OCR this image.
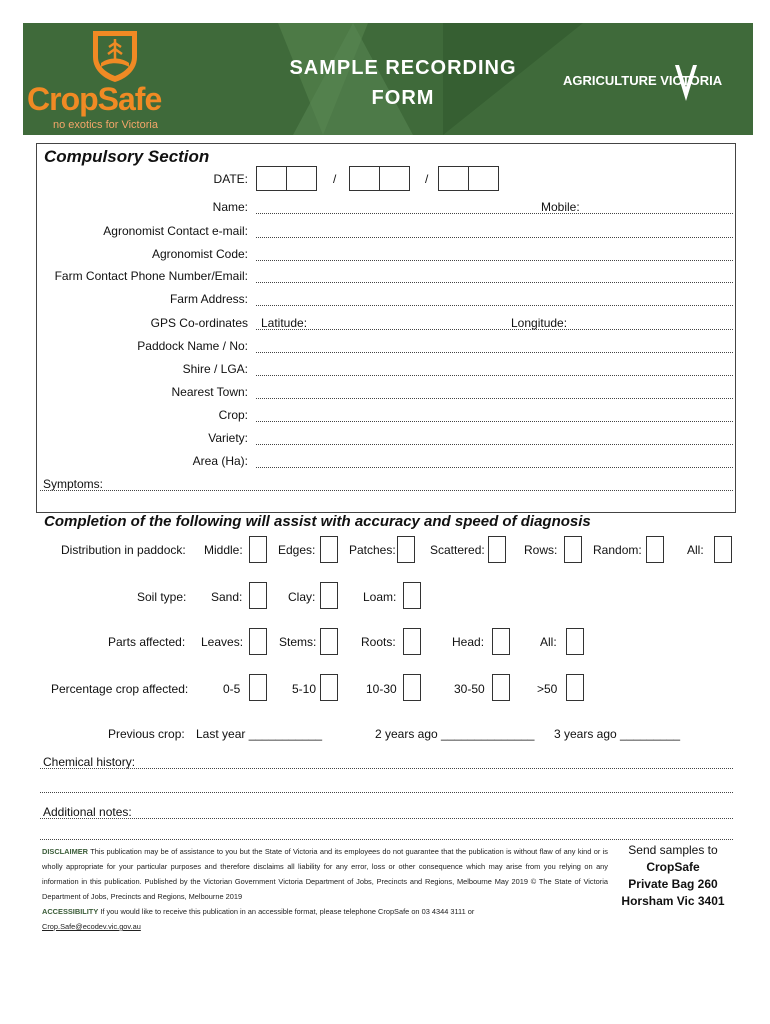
CropSafe
no exotics for Victoria
SAMPLE RECORDING
FORM
AGRICULTURE VICTORIA
Compulsory Section
DATE:	/	/
Name:	Mobile:
Agronomist Contact e-mail:
Agronomist Code:
Farm Contact Phone Number/Email:
Farm Address:
GPS Co-ordinates Latitude:	Longitude:
Paddock Name / No:
Shire / LGA:
Nearest Town:
Crop:
Variety:
Area (Ha):
Symptoms:
Completion of the following will assist with accuracy and speed of diagnosis
Distribution in paddock: Middle:	Edges:	Patches:	Scattered:	Rows:	Random:	All:
Soil type: Sand:	Clay:	Loam:
Parts affected: Leaves:	Stems:	Roots:	Head:	All:
Percentage crop affected:	0-5	5-10	10-30	30-50	>50
Previous crop: Last year ___________	2 years ago ______________ 3 years ago _________
Chemical history:
Additional notes:
DISCLAIMER This publication may be of assistance to you but the State of Victoria and its employees do not guarantee that the publication is without flaw of any kind or is wholly appropriate for your particular purposes and therefore disclaims all liability for any error, loss or other consequence which may arise from you relying on any information in this publication. Published by the Victorian Government Victoria Department of Jobs, Precincts and Regions, Melbourne May 2019 © The State of Victoria Department of Jobs, Precincts and Regions, Melbourne 2019
ACCESSIBILITY If you would like to receive this publication in an accessible format, please telephone CropSafe on 03 4344 3111 or
Crop.Safe@ecodev.vic.gov.au
Send samples to
CropSafe
Private Bag 260
Horsham Vic 3401
